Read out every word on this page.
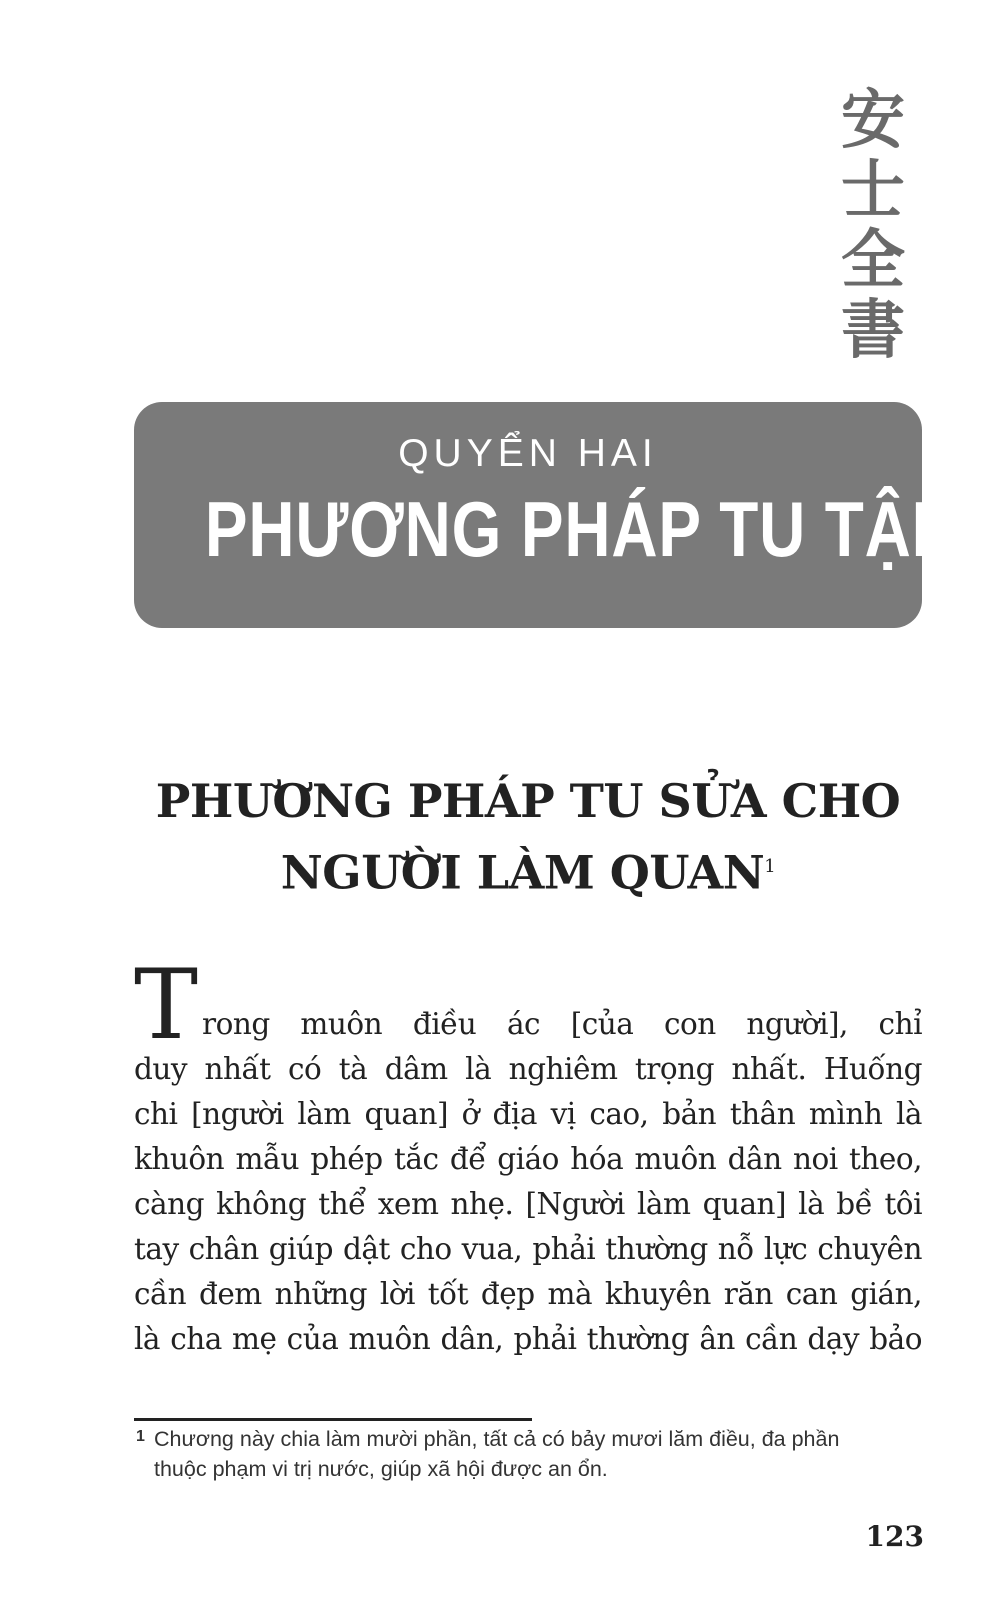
安
士
全
書
QUYỂN HAI
PHƯƠNG PHÁP TU TẬP
PHƯƠNG PHÁP TU SỬA CHO
NGƯỜI LÀM QUAN$^1$
T rong muôn điều ác [của con người], chỉ
duy nhất có tà dâm là nghiêm trọng nhất. Huống
chi [người làm quan] ở địa vị cao, bản thân mình là
khuôn mẫu phép tắc để giáo hóa muôn dân noi theo,
càng không thể xem nhẹ. [Người làm quan] là bề tôi
tay chân giúp dật cho vua, phải thường nỗ lực chuyên
cần đem những lời tốt đẹp mà khuyên răn can gián,
là cha mẹ của muôn dân, phải thường ân cần dạy bảo
1 Chương này chia làm mười phần, tất cả có bảy mươi lăm điều, đa phần
thuộc phạm vi trị nước, giúp xã hội được an ổn.
123
